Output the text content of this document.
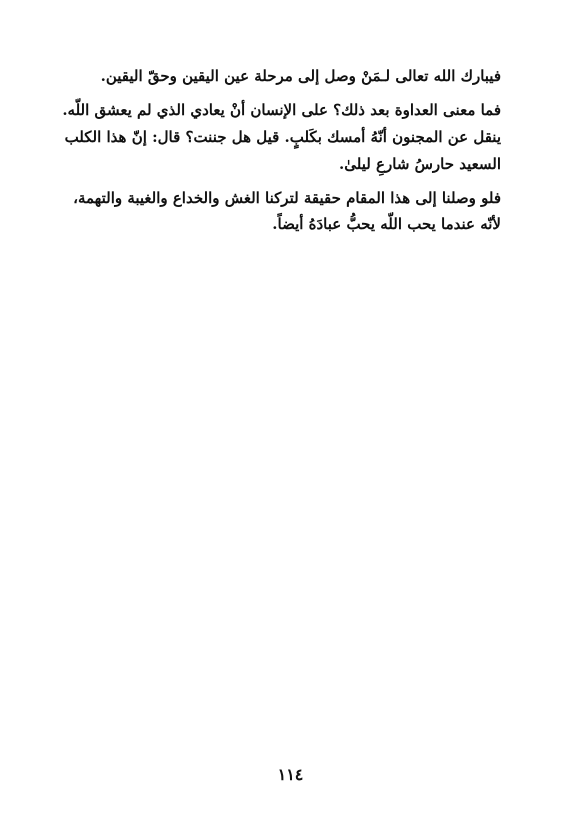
فيبارك الله تعالى لـمَنْ وصل إلى مرحلة عين اليقين وحقّ اليقين.
فما معنى العداوة بعد ذلك؟ على الإنسان أنْ يعادي الذي لم يعشق اللّه.
ينقل عن المجنون أنّهُ أمسك بكَلبٍ. قيل هل جننت؟ قال: إنّ هذا الكلب
السعيد حارسُ شارعِ ليلىٰ.
فلو وصلنا إلى هذا المقام حقيقة لتركنا الغش والخداع والغيبة والتهمة،
لأنّه عندما يحب اللّه يحبُّ عبادَهُ أيضاً.
١١٤
